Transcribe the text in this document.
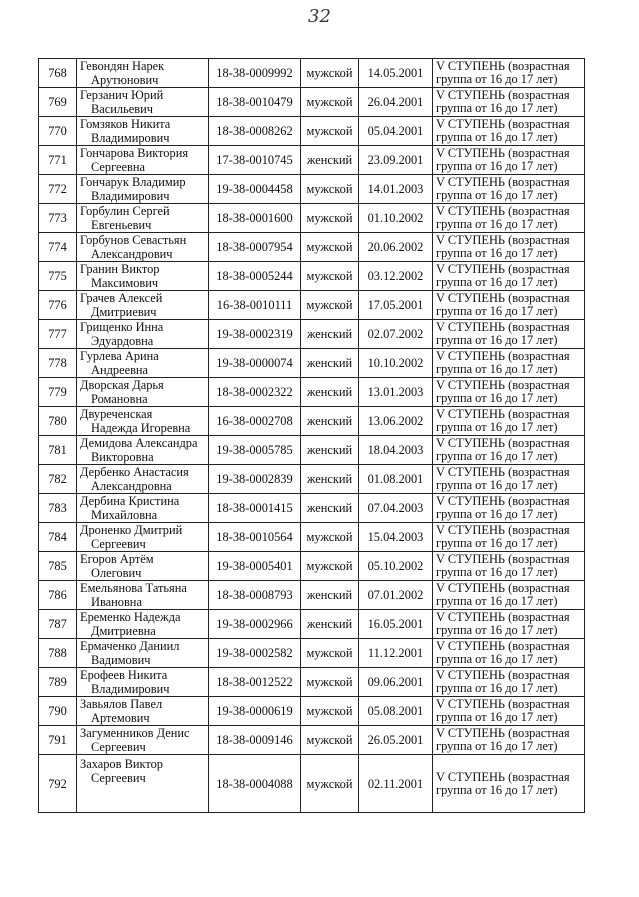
32
768	Гевондян Нарек
Арутюнович	18-38-0009992	мужской	14.05.2001	V СТУПЕНЬ (возрастная
группа от 16 до 17 лет)

769	Герзанич Юрий
Васильевич	18-38-0010479	мужской	26.04.2001	V СТУПЕНЬ (возрастная
группа от 16 до 17 лет)

770	Гомзяков Никита
Владимирович	18-38-0008262	мужской	05.04.2001	V СТУПЕНЬ (возрастная
группа от 16 до 17 лет)

771	Гончарова Виктория
Сергеевна	17-38-0010745	женский	23.09.2001	V СТУПЕНЬ (возрастная
группа от 16 до 17 лет)

772	Гончарук Владимир
Владимирович	19-38-0004458	мужской	14.01.2003	V СТУПЕНЬ (возрастная
группа от 16 до 17 лет)

773	Горбулин Сергей
Евгеньевич	18-38-0001600	мужской	01.10.2002	V СТУПЕНЬ (возрастная
группа от 16 до 17 лет)

774	Горбунов Севастьян
Александрович	18-38-0007954	мужской	20.06.2002	V СТУПЕНЬ (возрастная
группа от 16 до 17 лет)

775	Гранин Виктор
Максимович	18-38-0005244	мужской	03.12.2002	V СТУПЕНЬ (возрастная
группа от 16 до 17 лет)

776	Грачев Алексей
Дмитриевич	16-38-0010111	мужской	17.05.2001	V СТУПЕНЬ (возрастная
группа от 16 до 17 лет)

777	Грищенко Инна
Эдуардовна	19-38-0002319	женский	02.07.2002	V СТУПЕНЬ (возрастная
группа от 16 до 17 лет)

778	Гурлева Арина
Андреевна	19-38-0000074	женский	10.10.2002	V СТУПЕНЬ (возрастная
группа от 16 до 17 лет)

779	Дворская Дарья
Романовна	18-38-0002322	женский	13.01.2003	V СТУПЕНЬ (возрастная
группа от 16 до 17 лет)

780	Двуреченская
Надежда Игоревна	16-38-0002708	женский	13.06.2002	V СТУПЕНЬ (возрастная
группа от 16 до 17 лет)

781	Демидова Александра
Викторовна	19-38-0005785	женский	18.04.2003	V СТУПЕНЬ (возрастная
группа от 16 до 17 лет)

782	Дербенко Анастасия
Александровна	19-38-0002839	женский	01.08.2001	V СТУПЕНЬ (возрастная
группа от 16 до 17 лет)

783	Дербина Кристина
Михайловна	18-38-0001415	женский	07.04.2003	V СТУПЕНЬ (возрастная
группа от 16 до 17 лет)

784	Дроненко Дмитрий
Сергеевич	18-38-0010564	мужской	15.04.2003	V СТУПЕНЬ (возрастная
группа от 16 до 17 лет)

785	Егоров Артём
Олегович	19-38-0005401	мужской	05.10.2002	V СТУПЕНЬ (возрастная
группа от 16 до 17 лет)

786	Емельянова Татьяна
Ивановна	18-38-0008793	женский	07.01.2002	V СТУПЕНЬ (возрастная
группа от 16 до 17 лет)

787	Еременко Надежда
Дмитриевна	19-38-0002966	женский	16.05.2001	V СТУПЕНЬ (возрастная
группа от 16 до 17 лет)

788	Ермаченко Даниил
Вадимович	19-38-0002582	мужской	11.12.2001	V СТУПЕНЬ (возрастная
группа от 16 до 17 лет)

789	Ерофеев Никита
Владимирович	18-38-0012522	мужской	09.06.2001	V СТУПЕНЬ (возрастная
группа от 16 до 17 лет)

790	Завьялов Павел
Артемович	19-38-0000619	мужской	05.08.2001	V СТУПЕНЬ (возрастная
группа от 16 до 17 лет)

791	Загуменников Денис
Сергеевич	18-38-0009146	мужской	26.05.2001	V СТУПЕНЬ (возрастная
группа от 16 до 17 лет)

792	Захаров Виктор
Сергеевич	18-38-0004088	мужской	02.11.2001	V СТУПЕНЬ (возрастная
группа от 16 до 17 лет)
